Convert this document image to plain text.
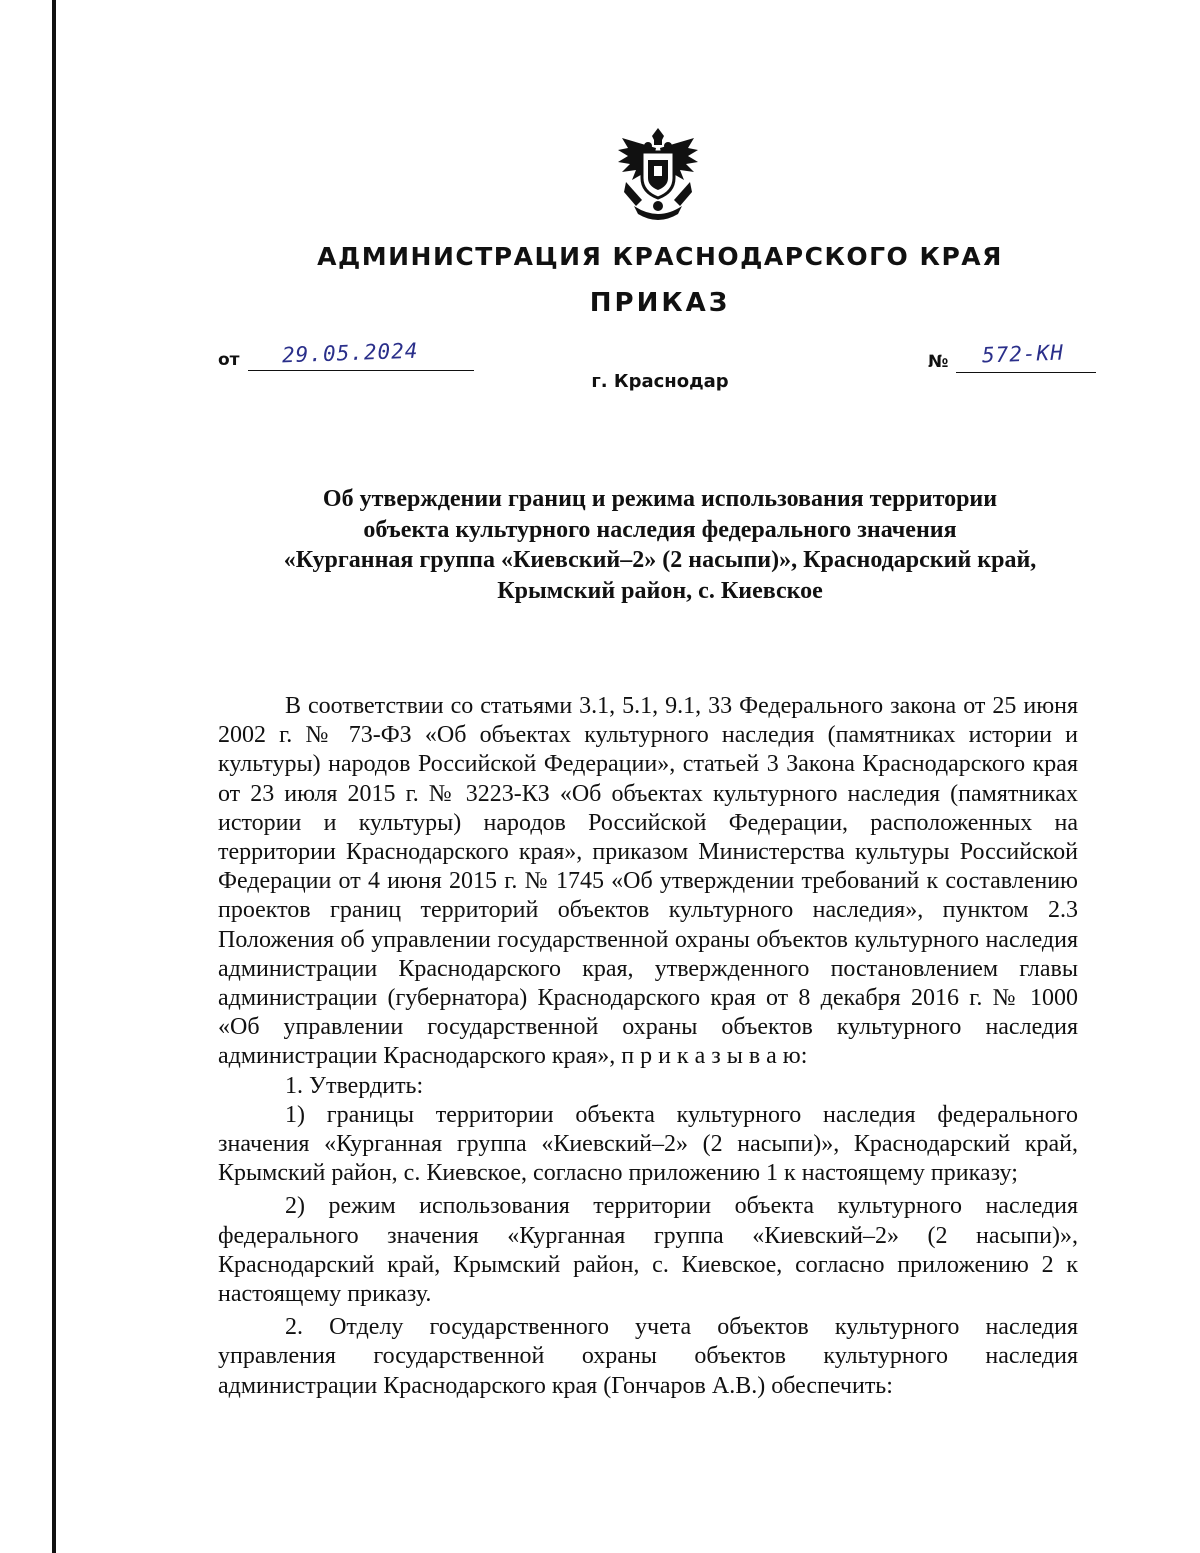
АДМИНИСТРАЦИЯ КРАСНОДАРСКОГО КРАЯ
ПРИКАЗ
от 29.05.2024	№ 572-КН
г. Краснодар
Об утверждении границ и режима использования территории
объекта культурного наследия федерального значения
«Курганная группа «Киевский–2» (2 насыпи)», Краснодарский край,
Крымский район, с. Киевское

В соответствии со статьями 3.1, 5.1, 9.1, 33 Федерального закона от 25 июня 2002 г. № 73-ФЗ «Об объектах культурного наследия (памятниках истории и культуры) народов Российской Федерации», статьей 3 Закона Краснодарского края от 23 июля 2015 г. № 3223-КЗ «Об объектах культурного наследия (памятниках истории и культуры) народов Российской Федерации, расположенных на территории Краснодарского края», приказом Министерства культуры Российской Федерации от 4 июня 2015 г. № 1745 «Об утверждении требований к составлению проектов границ территорий объектов культурного наследия», пунктом 2.3 Положения об управлении государственной охраны объектов культурного наследия администрации Краснодарского края, утвержденного постановлением главы администрации (губернатора) Краснодарского края от 8 декабря 2016 г. № 1000 «Об управлении государственной охраны объектов культурного наследия администрации Краснодарского края», п р и к а з ы в а ю:

1. Утвердить:

1) границы территории объекта культурного наследия федерального значения «Курганная группа «Киевский–2» (2 насыпи)», Краснодарский край, Крымский район, с. Киевское, согласно приложению 1 к настоящему приказу;

2) режим использования территории объекта культурного наследия федерального значения «Курганная группа «Киевский–2» (2 насыпи)», Краснодарский край, Крымский район, с. Киевское, согласно приложению 2 к настоящему приказу.

2. Отделу государственного учета объектов культурного наследия управления государственной охраны объектов культурного наследия администрации Краснодарского края (Гончаров А.В.) обеспечить:
